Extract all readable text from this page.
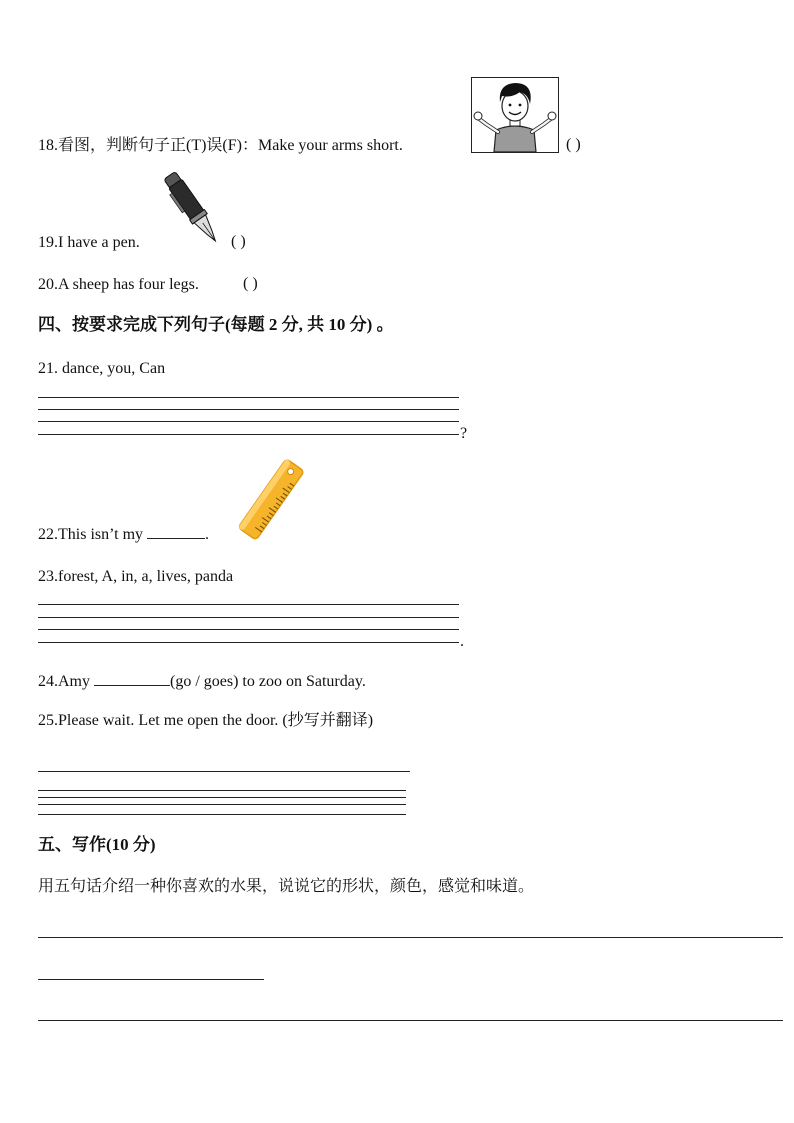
18.看图，判断句子正(T)误(F)：Make your arms short.	( )
19.I have a pen.	( )
20.A sheep has four legs.	( )
四、按要求完成下列句子(每题 2 分, 共 10 分) 。
21. dance, you, Can
?
22.This isn’t my	.
23.forest, A, in, a, lives, panda
.
24.Amy	(go / goes) to zoo on Saturday.
25.Please wait. Let me open the door. (抄写并翻译)
五、写作(10 分)
用五句话介绍一种你喜欢的水果，说说它的形状，颜色，感觉和味道。
